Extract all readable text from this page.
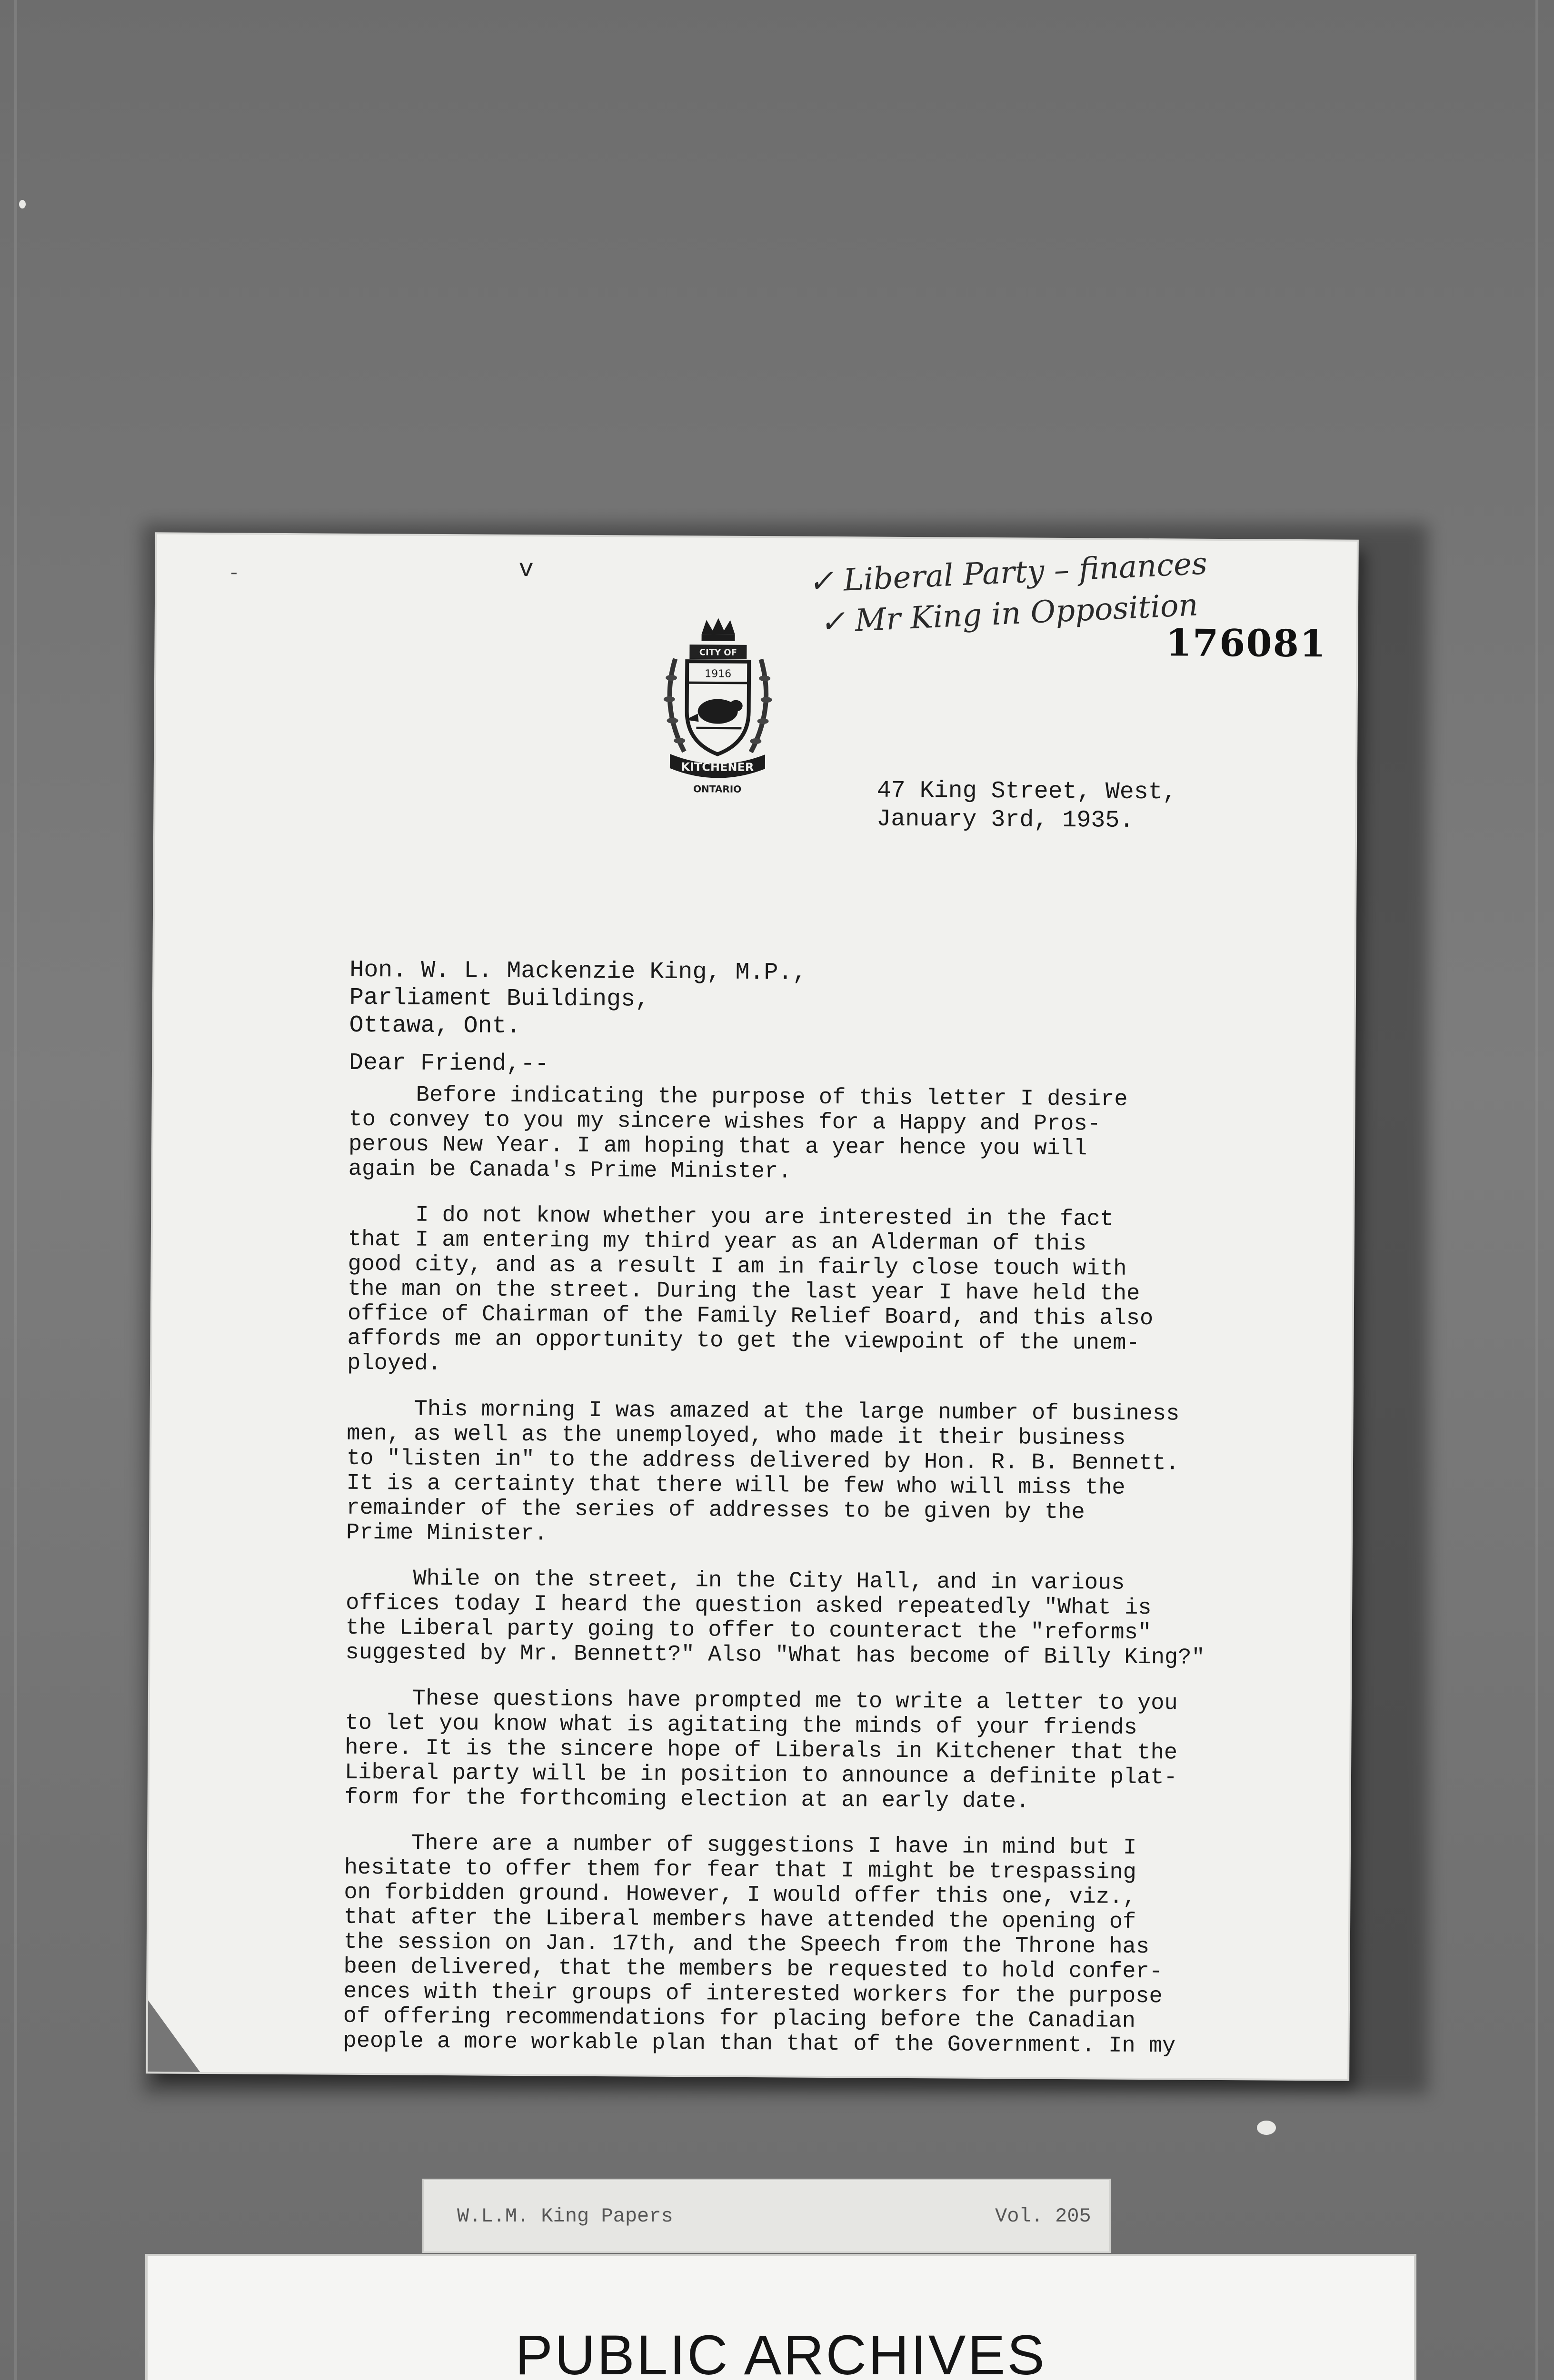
-	v	✓ Liberal Party – finances
✓ Mr King in Opposition
176081
CITY OF
1916
KITCHENER
ONTARIO	47 King Street, West,
January 3rd, 1935.
Hon. W. L. Mackenzie King, M.P.,
Parliament Buildings,
Ottawa, Ont.
Dear Friend,--

Before indicating the purpose of this letter I desire
to convey to you my sincere wishes for a Happy and Pros-
perous New Year. I am hoping that a year hence you will
again be Canada's Prime Minister.

I do not know whether you are interested in the fact
that I am entering my third year as an Alderman of this
good city, and as a result I am in fairly close touch with
the man on the street. During the last year I have held the
office of Chairman of the Family Relief Board, and this also
affords me an opportunity to get the viewpoint of the unem-
ployed.

This morning I was amazed at the large number of business
men, as well as the unemployed, who made it their business
to "listen in" to the address delivered by Hon. R. B. Bennett.
It is a certainty that there will be few who will miss the
remainder of the series of addresses to be given by the
Prime Minister.

While on the street, in the City Hall, and in various
offices today I heard the question asked repeatedly "What is
the Liberal party going to offer to counteract the "reforms"
suggested by Mr. Bennett?" Also "What has become of Billy King?"

These questions have prompted me to write a letter to you
to let you know what is agitating the minds of your friends
here. It is the sincere hope of Liberals in Kitchener that the
Liberal party will be in position to announce a definite plat-
form for the forthcoming election at an early date.

There are a number of suggestions I have in mind but I
hesitate to offer them for fear that I might be trespassing
on forbidden ground. However, I would offer this one, viz.,
that after the Liberal members have attended the opening of
the session on Jan. 17th, and the Speech from the Throne has
been delivered, that the members be requested to hold confer-
ences with their groups of interested workers for the purpose
of offering recommendations for placing before the Canadian
people a more workable plan than that of the Government. In my

W.L.M. King Papers	Vol. 205
PUBLIC ARCHIVES
